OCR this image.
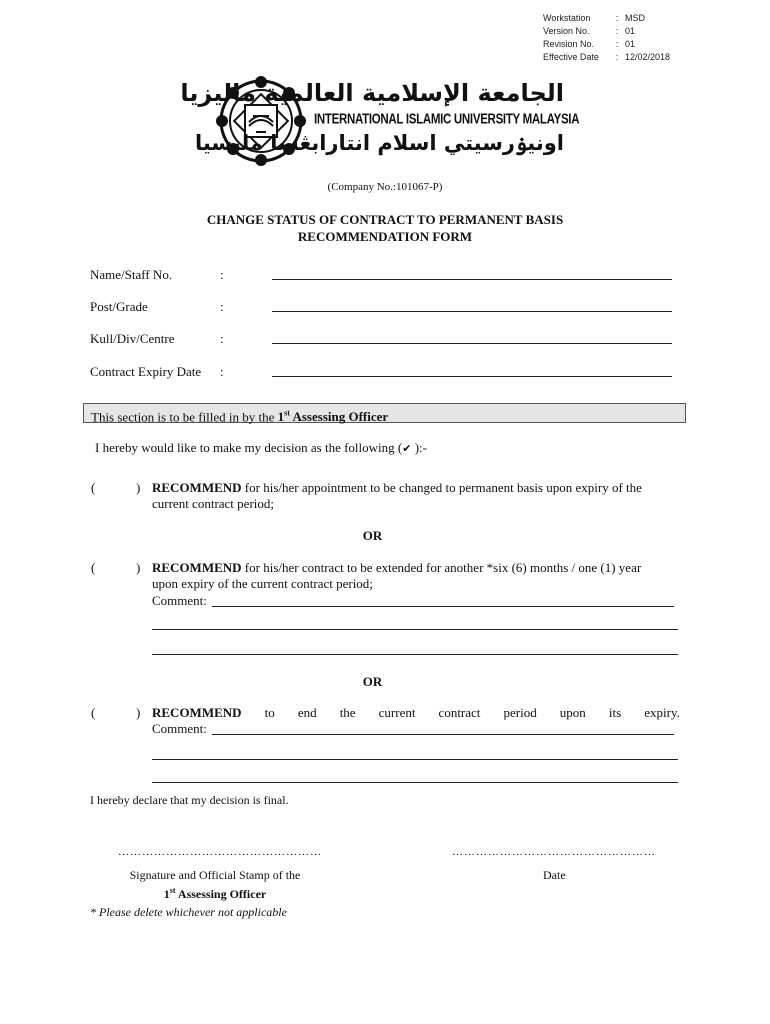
Workstation	: MSD
Version No.	: 01
Revision No.	: 01
Effective Date	: 12/02/2018
الجامعة الإسلامية العالمية ماليزيا
INTERNATIONAL ISLAMIC UNIVERSITY MALAYSIA
اونيۏرسيتي اسلام انتارابڠسا مليسيا
(Company No.:101067-P)
CHANGE STATUS OF CONTRACT TO PERMANENT BASIS
RECOMMENDATION FORM
Name/Staff No.	:
Post/Grade	:
Kull/Div/Centre	:
Contract Expiry Date :
This section is to be filled in by the 1st Assessing Officer
I hereby would like to make my decision as the following (✔ ):-
(	) RECOMMEND for his/her appointment to be changed to permanent basis upon expiry of the
current contract period;
OR
(	) RECOMMEND for his/her contract to be extended for another *six (6) months / one (1) year
upon expiry of the current contract period;
Comment:
OR
(	) RECOMMEND to end the current contract period upon its expiry.
Comment:
I hereby declare that my decision is final.
……………………………………………	……………………………………………
Signature and Official Stamp of the
1st Assessing Officer
Date
* Please delete whichever not applicable
